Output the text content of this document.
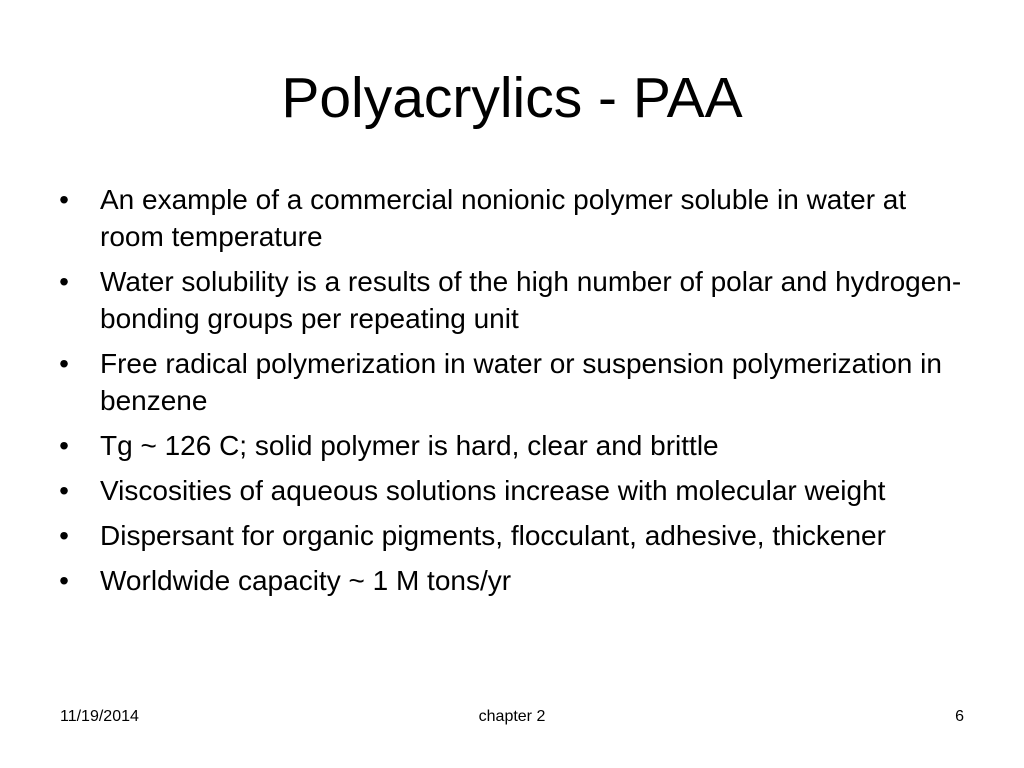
Polyacrylics - PAA
• An example of a commercial nonionic polymer soluble in water at room temperature
• Water solubility is a results of the high number of polar and hydrogen-bonding groups per repeating unit
• Free radical polymerization in water or suspension polymerization in benzene
• Tg ~ 126 C; solid polymer is hard, clear and brittle
• Viscosities of aqueous solutions increase with molecular weight
• Dispersant for organic pigments, flocculant, adhesive, thickener
• Worldwide capacity ~ 1 M tons/yr
11/19/2014	chapter 2	6
